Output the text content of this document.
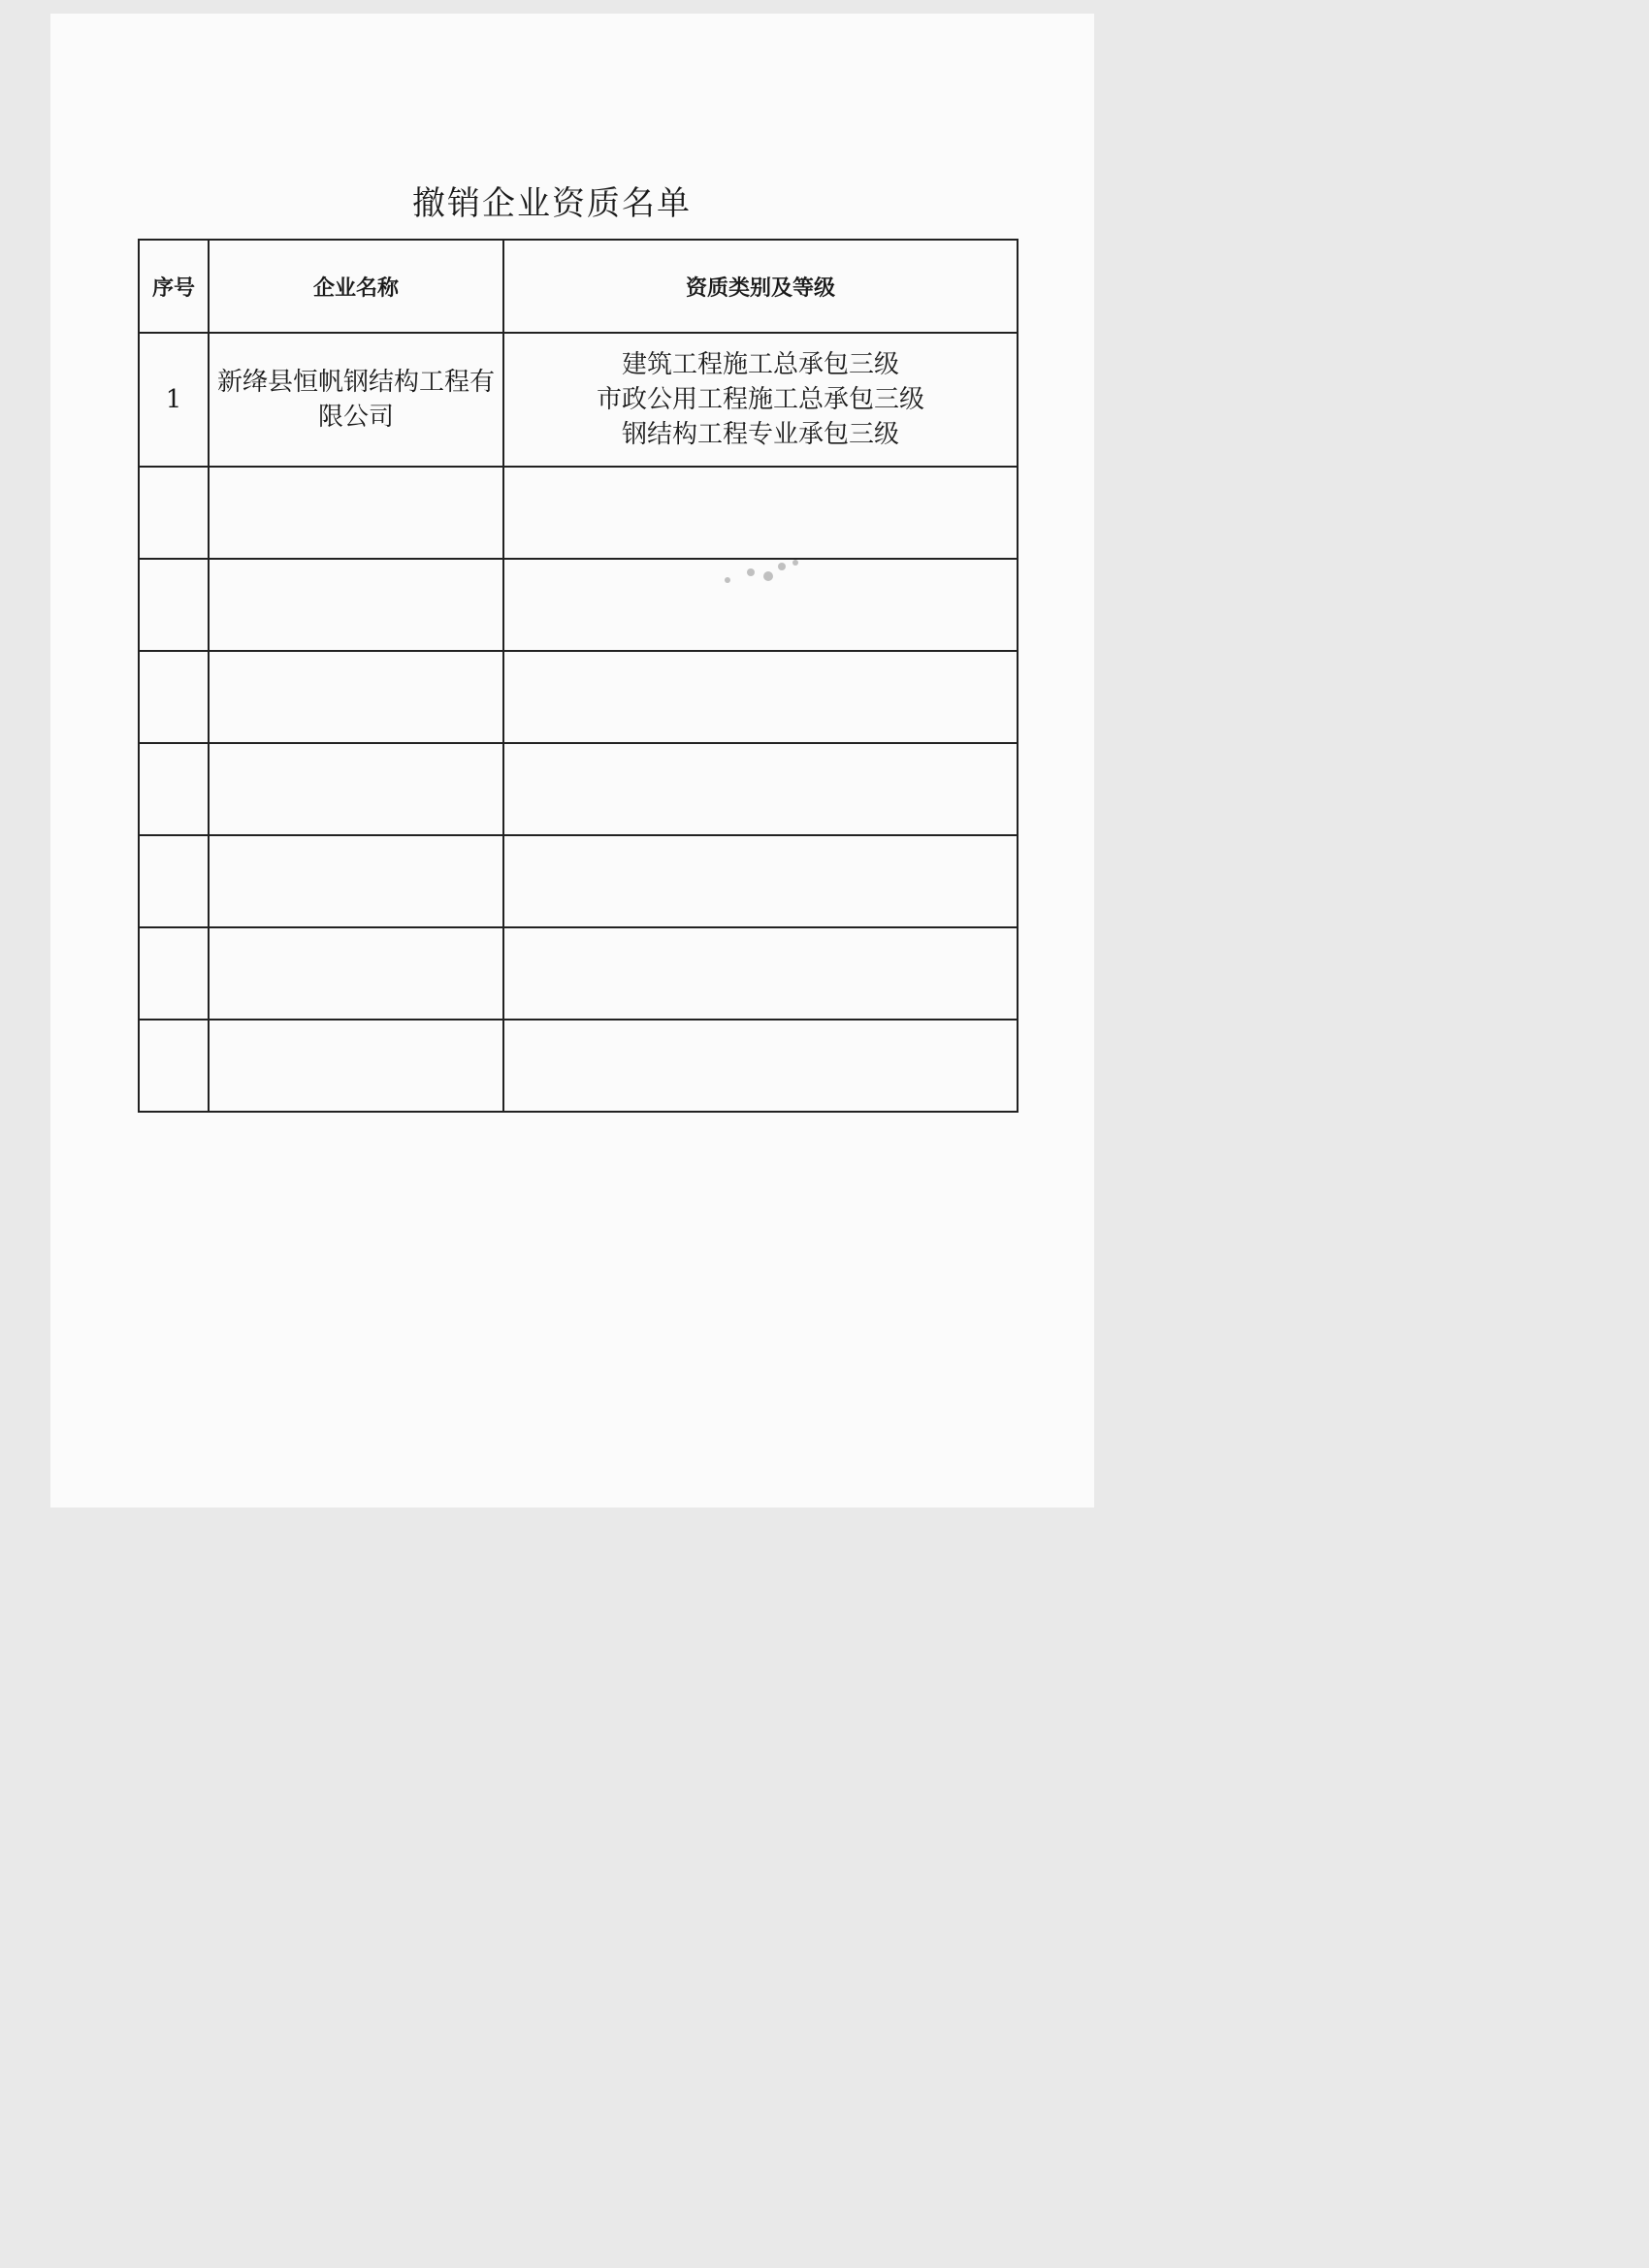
撤销企业资质名单
序号	企业名称	资质类别及等级
1	新绛县恒帆钢结构工程有限公司	建筑工程施工总承包三级
市政公用工程施工总承包三级
钢结构工程专业承包三级
